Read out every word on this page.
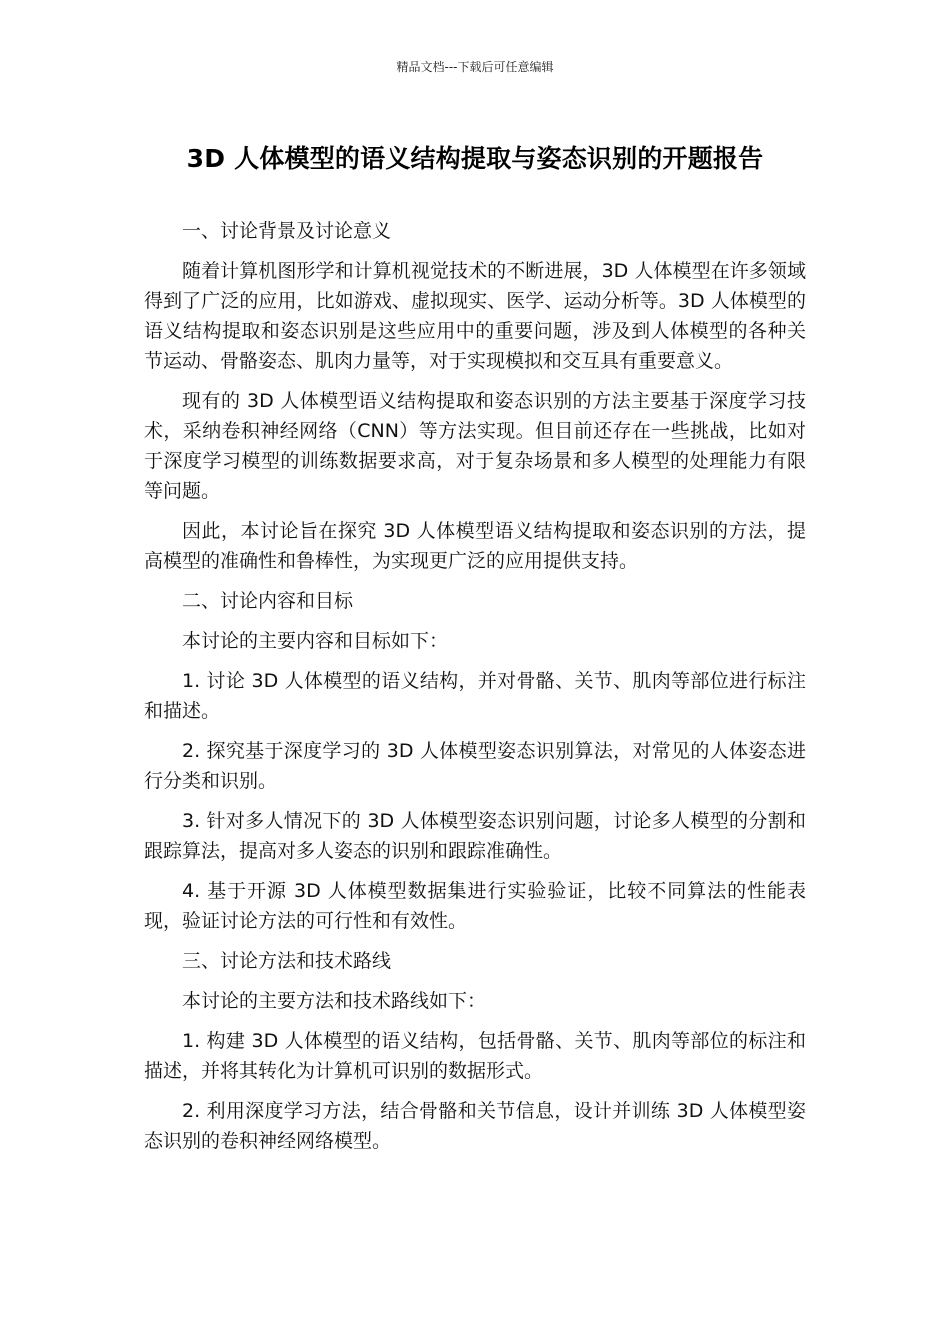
精品文档---下载后可任意编辑
3D 人体模型的语义结构提取与姿态识别的开题报告

一、讨论背景及讨论意义

随着计算机图形学和计算机视觉技术的不断进展，3D 人体模型在许多领域得到了广泛的应用，比如游戏、虚拟现实、医学、运动分析等。3D 人体模型的语义结构提取和姿态识别是这些应用中的重要问题，涉及到人体模型的各种关节运动、骨骼姿态、肌肉力量等，对于实现模拟和交互具有重要意义。

现有的 3D 人体模型语义结构提取和姿态识别的方法主要基于深度学习技术，采纳卷积神经网络（CNN）等方法实现。但目前还存在一些挑战，比如对于深度学习模型的训练数据要求高，对于复杂场景和多人模型的处理能力有限等问题。

因此，本讨论旨在探究 3D 人体模型语义结构提取和姿态识别的方法，提高模型的准确性和鲁棒性，为实现更广泛的应用提供支持。

二、讨论内容和目标

本讨论的主要内容和目标如下：

1. 讨论 3D 人体模型的语义结构，并对骨骼、关节、肌肉等部位进行标注和描述。

2. 探究基于深度学习的 3D 人体模型姿态识别算法，对常见的人体姿态进行分类和识别。

3. 针对多人情况下的 3D 人体模型姿态识别问题，讨论多人模型的分割和跟踪算法，提高对多人姿态的识别和跟踪准确性。

4. 基于开源 3D 人体模型数据集进行实验验证，比较不同算法的性能表现，验证讨论方法的可行性和有效性。

三、讨论方法和技术路线

本讨论的主要方法和技术路线如下：

1. 构建 3D 人体模型的语义结构，包括骨骼、关节、肌肉等部位的标注和描述，并将其转化为计算机可识别的数据形式。

2. 利用深度学习方法，结合骨骼和关节信息，设计并训练 3D 人体模型姿态识别的卷积神经网络模型。
